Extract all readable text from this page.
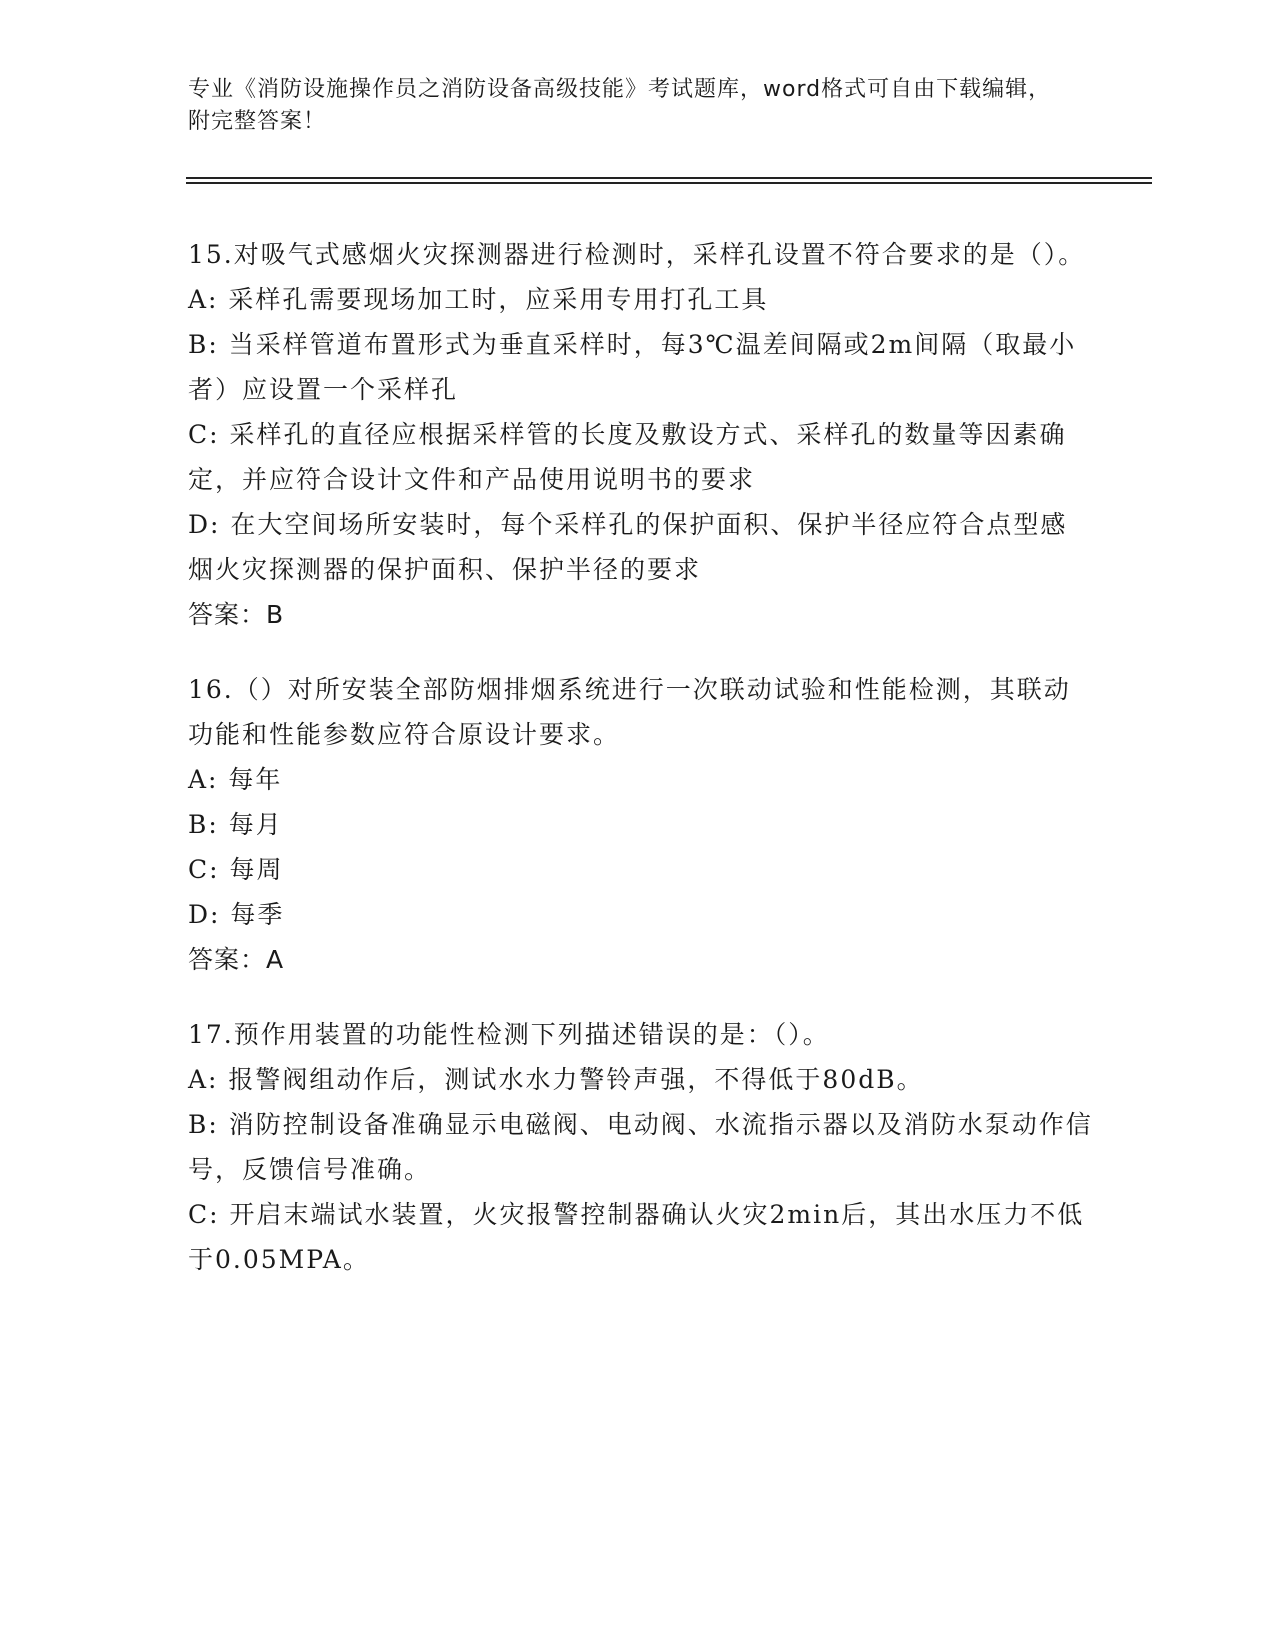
专业《消防设施操作员之消防设备高级技能》考试题库，word格式可自由下载编辑，附完整答案！

15.对吸气式感烟火灾探测器进行检测时，采样孔设置不符合要求的是（）。

A: 采样孔需要现场加工时，应采用专用打孔工具

B: 当采样管道布置形式为垂直采样时，每3℃温差间隔或2m间隔（取最小者）应设置一个采样孔

C: 采样孔的直径应根据采样管的长度及敷设方式、采样孔的数量等因素确定，并应符合设计文件和产品使用说明书的要求

D: 在大空间场所安装时，每个采样孔的保护面积、保护半径应符合点型感烟火灾探测器的保护面积、保护半径的要求

答案：B

16.（）对所安装全部防烟排烟系统进行一次联动试验和性能检测，其联动功能和性能参数应符合原设计要求。

A: 每年

B: 每月

C: 每周

D: 每季

答案：A

17.预作用装置的功能性检测下列描述错误的是：（）。

A: 报警阀组动作后，测试水水力警铃声强，不得低于80dB。

B: 消防控制设备准确显示电磁阀、电动阀、水流指示器以及消防水泵动作信号，反馈信号准确。

C: 开启末端试水装置，火灾报警控制器确认火灾2min后，其出水压力不低于0.05MPA。
